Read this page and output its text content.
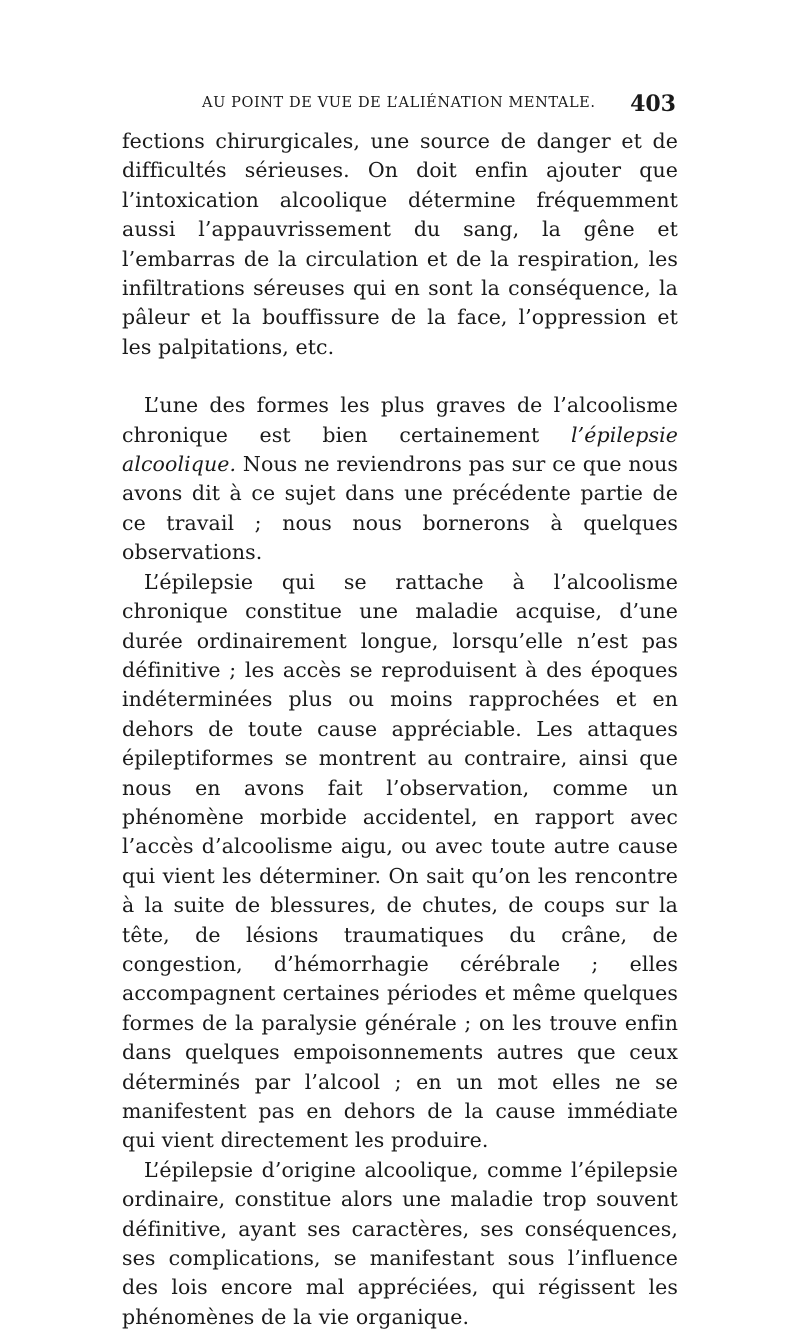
AU POINT DE VUE DE L’ALIÉNATION MENTALE. 403

fections chirurgicales, une source de danger et de difficultés sérieuses. On doit enfin ajouter que l’intoxication alcoolique détermine fréquemment aussi l’appauvrissement du sang, la gêne et l’embarras de la circulation et de la respiration, les infiltrations séreuses qui en sont la conséquence, la pâleur et la bouffissure de la face, l’oppression et les palpitations, etc.

L’une des formes les plus graves de l’alcoolisme chronique est bien certainement l’épilepsie alcoolique. Nous ne reviendrons pas sur ce que nous avons dit à ce sujet dans une précédente partie de ce travail ; nous nous bornerons à quelques observations.

L’épilepsie qui se rattache à l’alcoolisme chronique constitue une maladie acquise, d’une durée ordinairement longue, lorsqu’elle n’est pas définitive ; les accès se reproduisent à des époques indéterminées plus ou moins rapprochées et en dehors de toute cause appréciable. Les attaques épileptiformes se montrent au contraire, ainsi que nous en avons fait l’observation, comme un phénomène morbide accidentel, en rapport avec l’accès d’alcoolisme aigu, ou avec toute autre cause qui vient les déterminer. On sait qu’on les rencontre à la suite de blessures, de chutes, de coups sur la tête, de lésions traumatiques du crâne, de congestion, d’hémorrhagie cérébrale ; elles accompagnent certaines périodes et même quelques formes de la paralysie générale ; on les trouve enfin dans quelques empoisonnements autres que ceux déterminés par l’alcool ; en un mot elles ne se manifestent pas en dehors de la cause immédiate qui vient directement les produire.

L’épilepsie d’origine alcoolique, comme l’épilepsie ordinaire, constitue alors une maladie trop souvent définitive, ayant ses caractères, ses conséquences, ses complications, se manifestant sous l’influence des lois encore mal appréciées, qui régissent les phénomènes de la vie organique.
